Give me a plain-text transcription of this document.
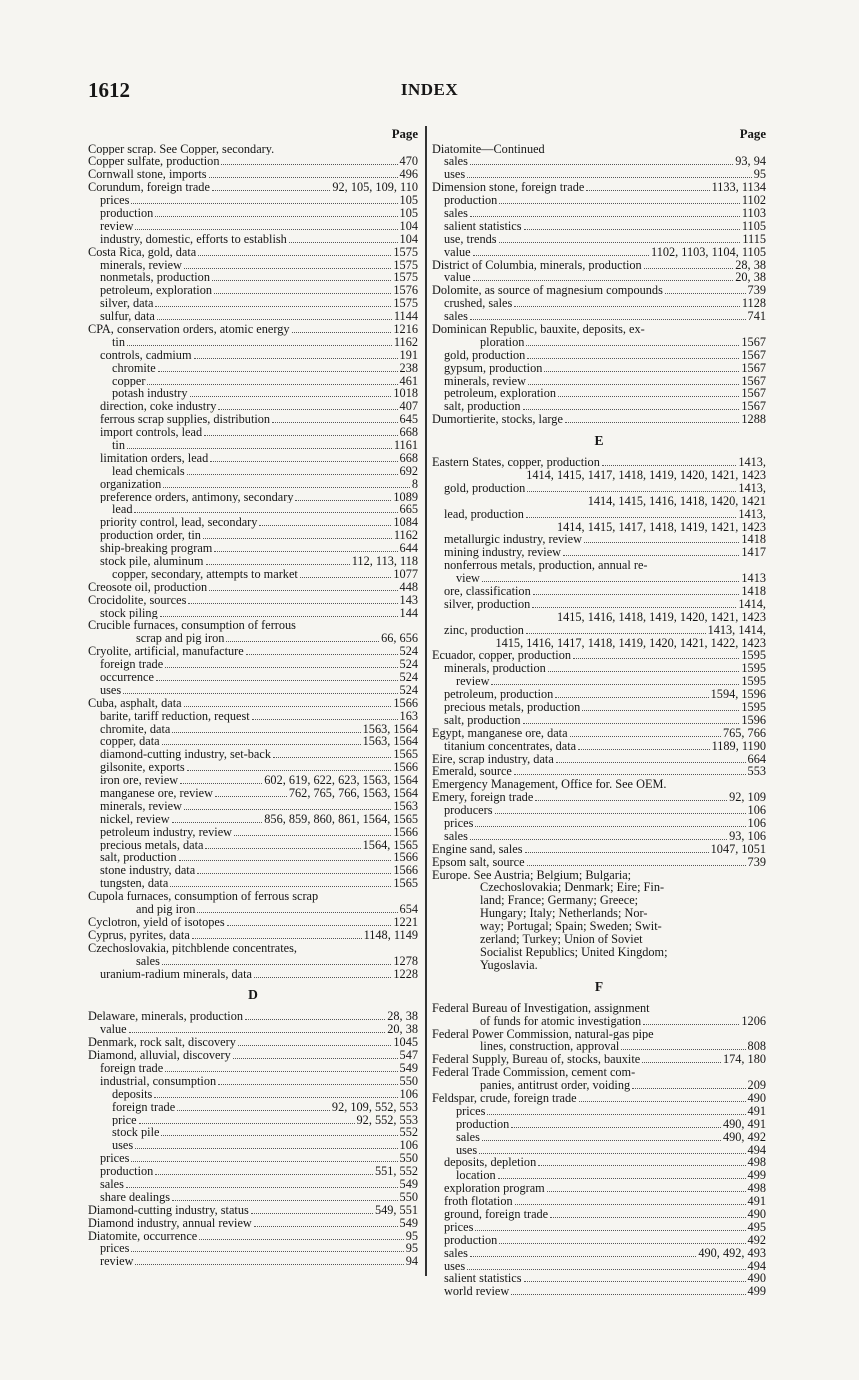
1612	INDEX
Page
Copper scrap. See Copper, secondary.
Copper sulfate, production	470
Cornwall stone, imports	496
Corundum, foreign trade	92, 105, 109, 110
prices	105
production	105
review	104
industry, domestic, efforts to establish	104
Costa Rica, gold, data	1575
minerals, review	1575
nonmetals, production	1575
petroleum, exploration	1576
silver, data	1575
sulfur, data	1144
CPA, conservation orders, atomic energy	1216
tin	1162
controls, cadmium	191
chromite	238
copper	461
potash industry	1018
direction, coke industry	407
ferrous scrap supplies, distribution	645
import controls, lead	668
tin	1161
limitation orders, lead	668
lead chemicals	692
organization	8
preference orders, antimony, secondary	1089
lead	665
priority control, lead, secondary	1084
production order, tin	1162
ship-breaking program	644
stock pile, aluminum	112, 113, 118
copper, secondary, attempts to market	1077
Creosote oil, production	448
Crocidolite, sources	143
stock piling	144
Crucible furnaces, consumption of ferrous
scrap and pig iron	66, 656
Cryolite, artificial, manufacture	524
foreign trade	524
occurrence	524
uses	524
Cuba, asphalt, data	1566
barite, tariff reduction, request	163
chromite, data	1563, 1564
copper, data	1563, 1564
diamond-cutting industry, set-back	1565
gilsonite, exports	1566
iron ore, review	602, 619, 622, 623, 1563, 1564
manganese ore, review	762, 765, 766, 1563, 1564
minerals, review	1563
nickel, review	856, 859, 860, 861, 1564, 1565
petroleum industry, review	1566
precious metals, data	1564, 1565
salt, production	1566
stone industry, data	1566
tungsten, data	1565
Cupola furnaces, consumption of ferrous scrap
and pig iron	654
Cyclotron, yield of isotopes	1221
Cyprus, pyrites, data	1148, 1149
Czechoslovakia, pitchblende concentrates,
sales	1278
uranium-radium minerals, data	1228
D
Delaware, minerals, production	28, 38
value	20, 38
Denmark, rock salt, discovery	1045
Diamond, alluvial, discovery	547
foreign trade	549
industrial, consumption	550
deposits	106
foreign trade	92, 109, 552, 553
price	92, 552, 553
stock pile	552
uses	106
prices	550
production	551, 552
sales	549
share dealings	550
Diamond-cutting industry, status	549, 551
Diamond industry, annual review	549
Diatomite, occurrence	95
prices	95
review	94
Page
Diatomite—Continued
sales	93, 94
uses	95
Dimension stone, foreign trade	1133, 1134
production	1102
sales	1103
salient statistics	1105
use, trends	1115
value	1102, 1103, 1104, 1105
District of Columbia, minerals, production	28, 38
value	20, 38
Dolomite, as source of magnesium compounds	739
crushed, sales	1128
sales	741
Dominican Republic, bauxite, deposits, ex-
ploration	1567
gold, production	1567
gypsum, production	1567
minerals, review	1567
petroleum, exploration	1567
salt, production	1567
Dumortierite, stocks, large	1288
E
Eastern States, copper, production	1413,
1414, 1415, 1417, 1418, 1419, 1420, 1421, 1423
gold, production	1413,
1414, 1415, 1416, 1418, 1420, 1421
lead, production	1413,
1414, 1415, 1417, 1418, 1419, 1421, 1423
metallurgic industry, review	1418
mining industry, review	1417
nonferrous metals, production, annual re-
view	1413
ore, classification	1418
silver, production	1414,
1415, 1416, 1418, 1419, 1420, 1421, 1423
zinc, production	1413, 1414,
1415, 1416, 1417, 1418, 1419, 1420, 1421, 1422, 1423
Ecuador, copper, production	1595
minerals, production	1595
review	1595
petroleum, production	1594, 1596
precious metals, production	1595
salt, production	1596
Egypt, manganese ore, data	765, 766
titanium concentrates, data	1189, 1190
Eire, scrap industry, data	664
Emerald, source	553
Emergency Management, Office for. See OEM.
Emery, foreign trade	92, 109
producers	106
prices	106
sales	93, 106
Engine sand, sales	1047, 1051
Epsom salt, source	739
Europe. See Austria; Belgium; Bulgaria;
Czechoslovakia; Denmark; Eire; Fin-
land; France; Germany; Greece;
Hungary; Italy; Netherlands; Nor-
way; Portugal; Spain; Sweden; Swit-
zerland; Turkey; Union of Soviet
Socialist Republics; United Kingdom;
Yugoslavia.
F
Federal Bureau of Investigation, assignment
of funds for atomic investigation	1206
Federal Power Commission, natural-gas pipe
lines, construction, approval	808
Federal Supply, Bureau of, stocks, bauxite	174, 180
Federal Trade Commission, cement com-
panies, antitrust order, voiding	209
Feldspar, crude, foreign trade	490
prices	491
production	490, 491
sales	490, 492
uses	494
deposits, depletion	498
location	499
exploration program	498
froth flotation	491
ground, foreign trade	490
prices	495
production	492
sales	490, 492, 493
uses	494
salient statistics	490
world review	499
